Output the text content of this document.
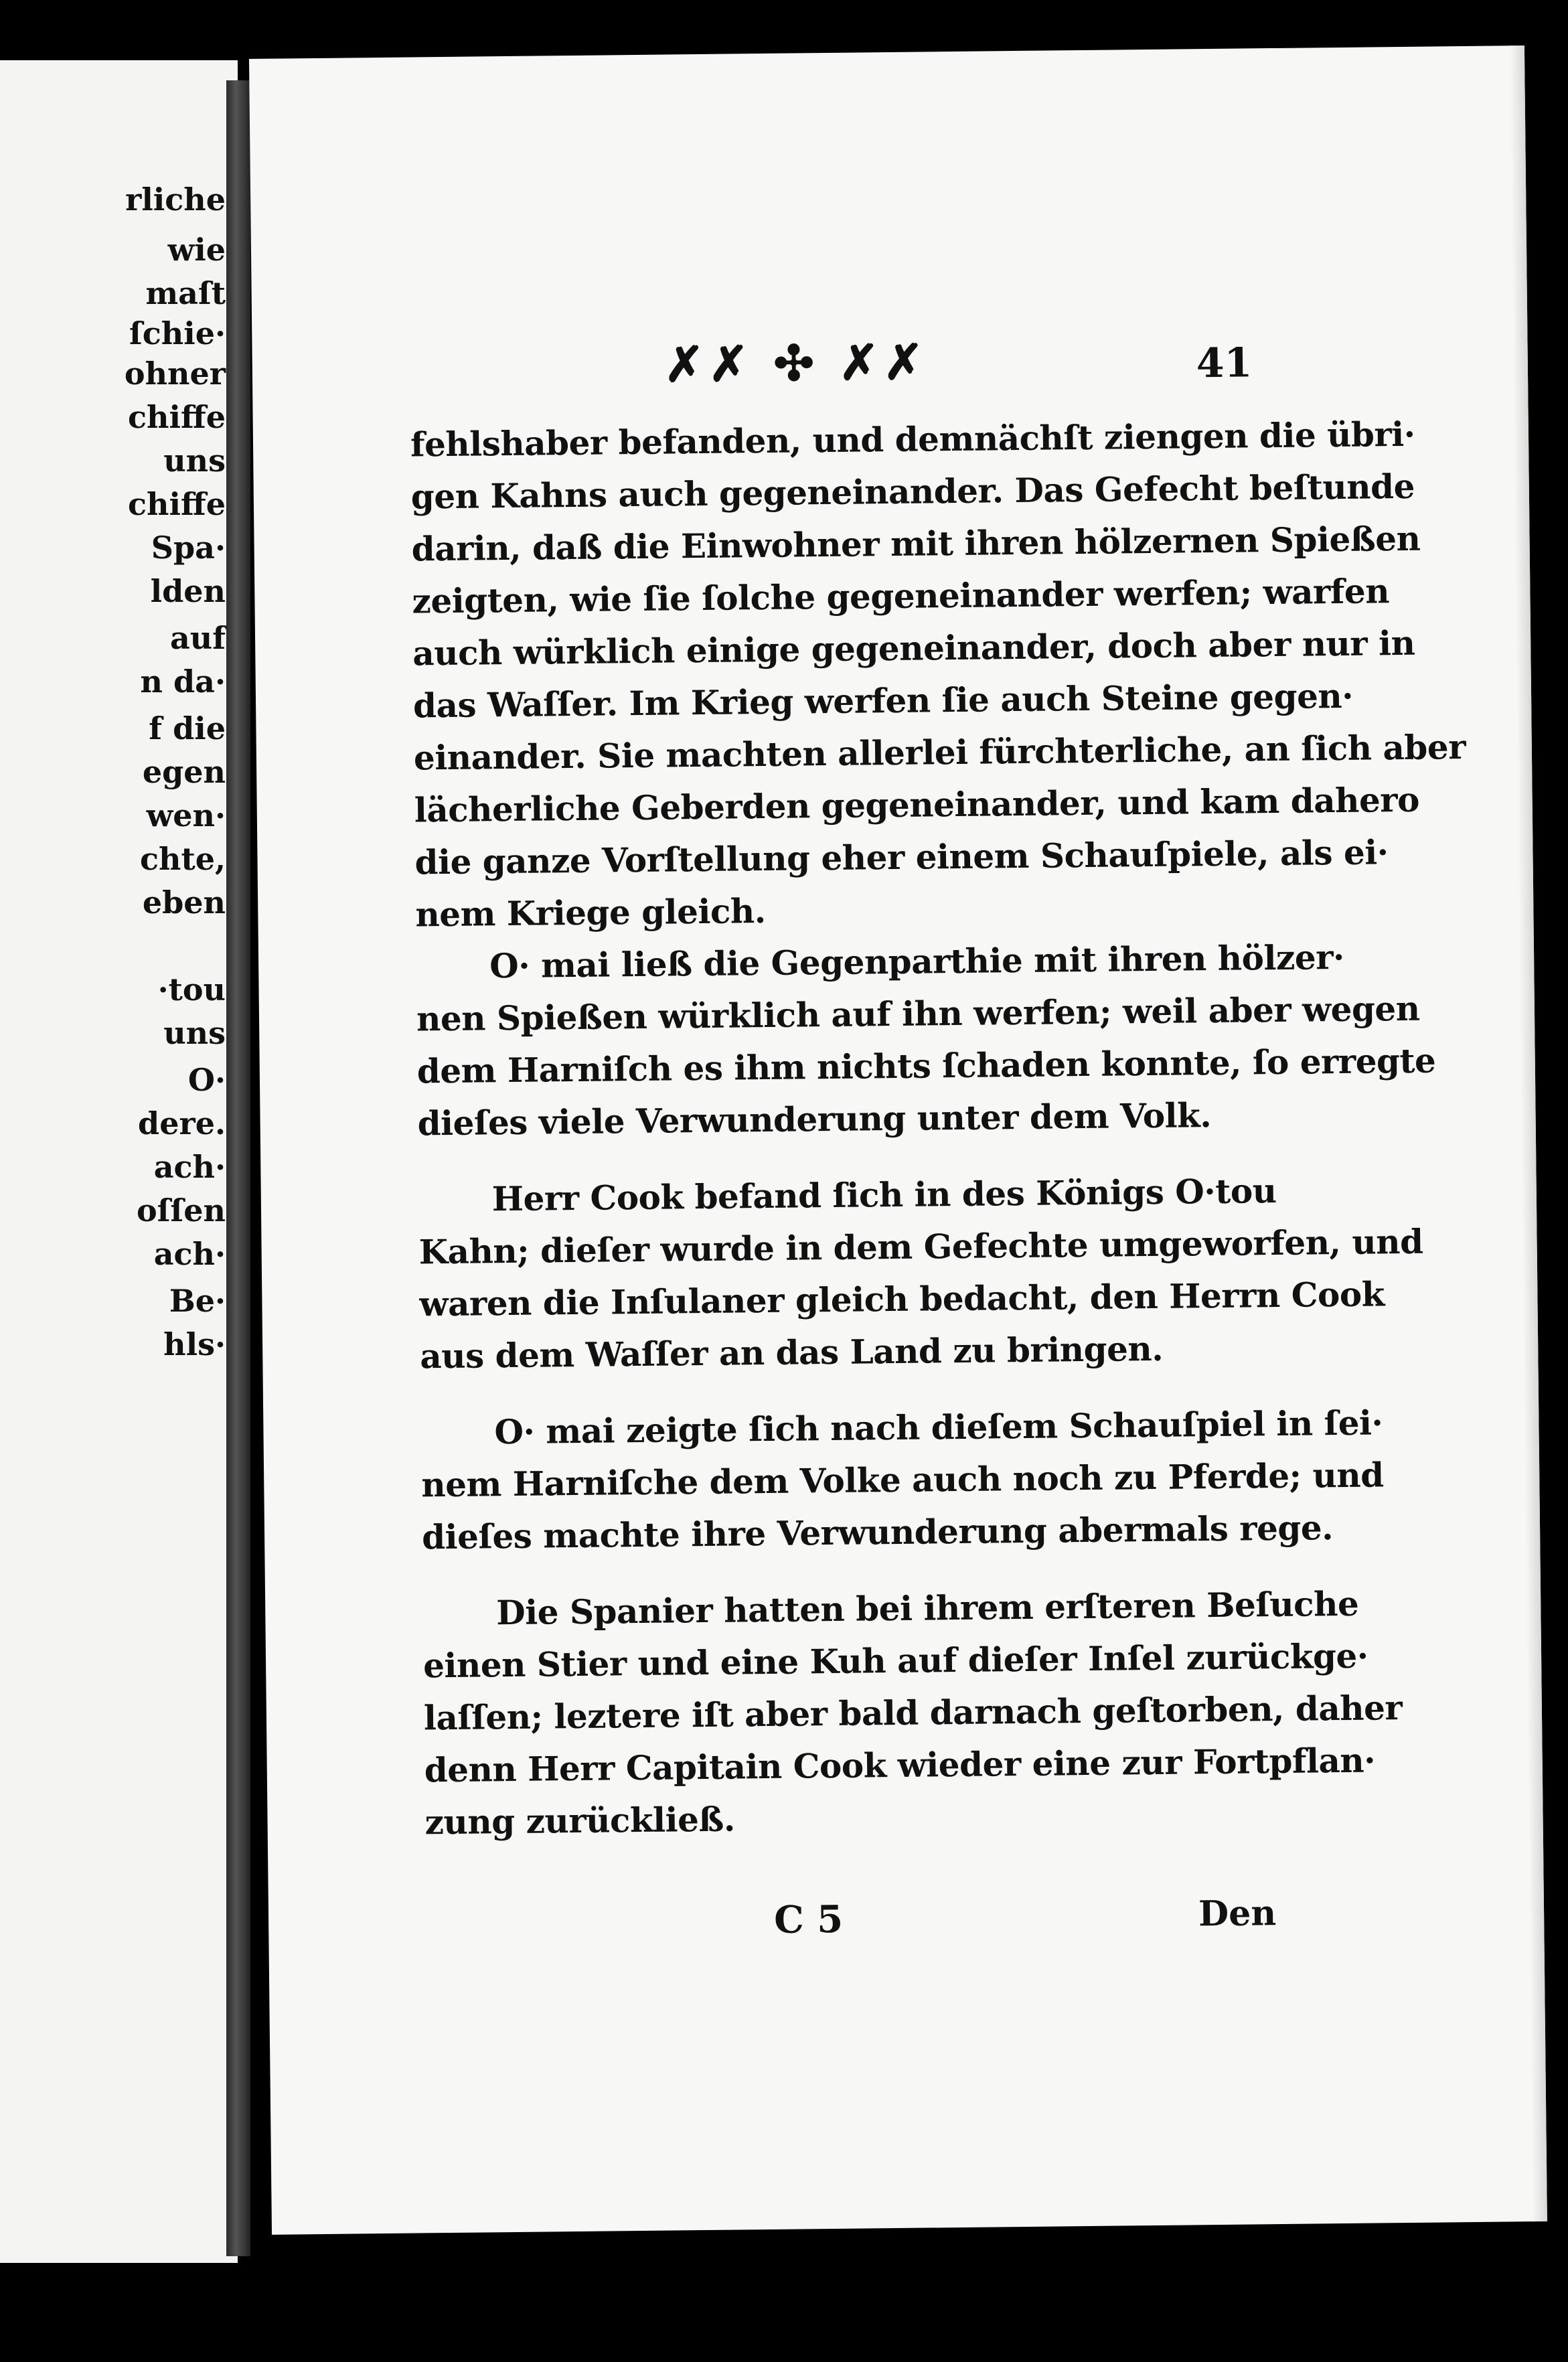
rliche
wie
maſt
ſchie·
ohner
chiffe
uns
chiffe
Spa·
lden
auf
n da·
f die
egen
wen·
chte,
eben
·tou
uns
O·
dere.
ach·
oſſen
ach·
Be·
hls·
✗✗ ✣ ✗✗	41
fehlshaber befanden, und demnächſt ziengen die übri·
gen Kahns auch gegeneinander. Das Gefecht beſtunde
darin, daß die Einwohner mit ihren hölzernen Spießen
zeigten, wie ſie ſolche gegeneinander werfen; warfen
auch würklich einige gegeneinander, doch aber nur in
das Waſſer. Im Krieg werfen ſie auch Steine gegen·
einander. Sie machten allerlei fürchterliche, an ſich aber
lächerliche Geberden gegeneinander, und kam dahero
die ganze Vorſtellung eher einem Schauſpiele, als ei·
nem Kriege gleich.
O· mai ließ die Gegenparthie mit ihren hölzer·
nen Spießen würklich auf ihn werfen; weil aber wegen
dem Harniſch es ihm nichts ſchaden konnte, ſo erregte
dieſes viele Verwunderung unter dem Volk.
Herr Cook befand ſich in des Königs O·tou
Kahn; dieſer wurde in dem Gefechte umgeworfen, und
waren die Inſulaner gleich bedacht, den Herrn Cook
aus dem Waſſer an das Land zu bringen.
O· mai zeigte ſich nach dieſem Schauſpiel in ſei·
nem Harniſche dem Volke auch noch zu Pferde; und
dieſes machte ihre Verwunderung abermals rege.
Die Spanier hatten bei ihrem erſteren Beſuche
einen Stier und eine Kuh auf dieſer Inſel zurückge·
laſſen; leztere iſt aber bald darnach geſtorben, daher
denn Herr Capitain Cook wieder eine zur Fortpflan·
zung zurückließ.
C 5	Den
